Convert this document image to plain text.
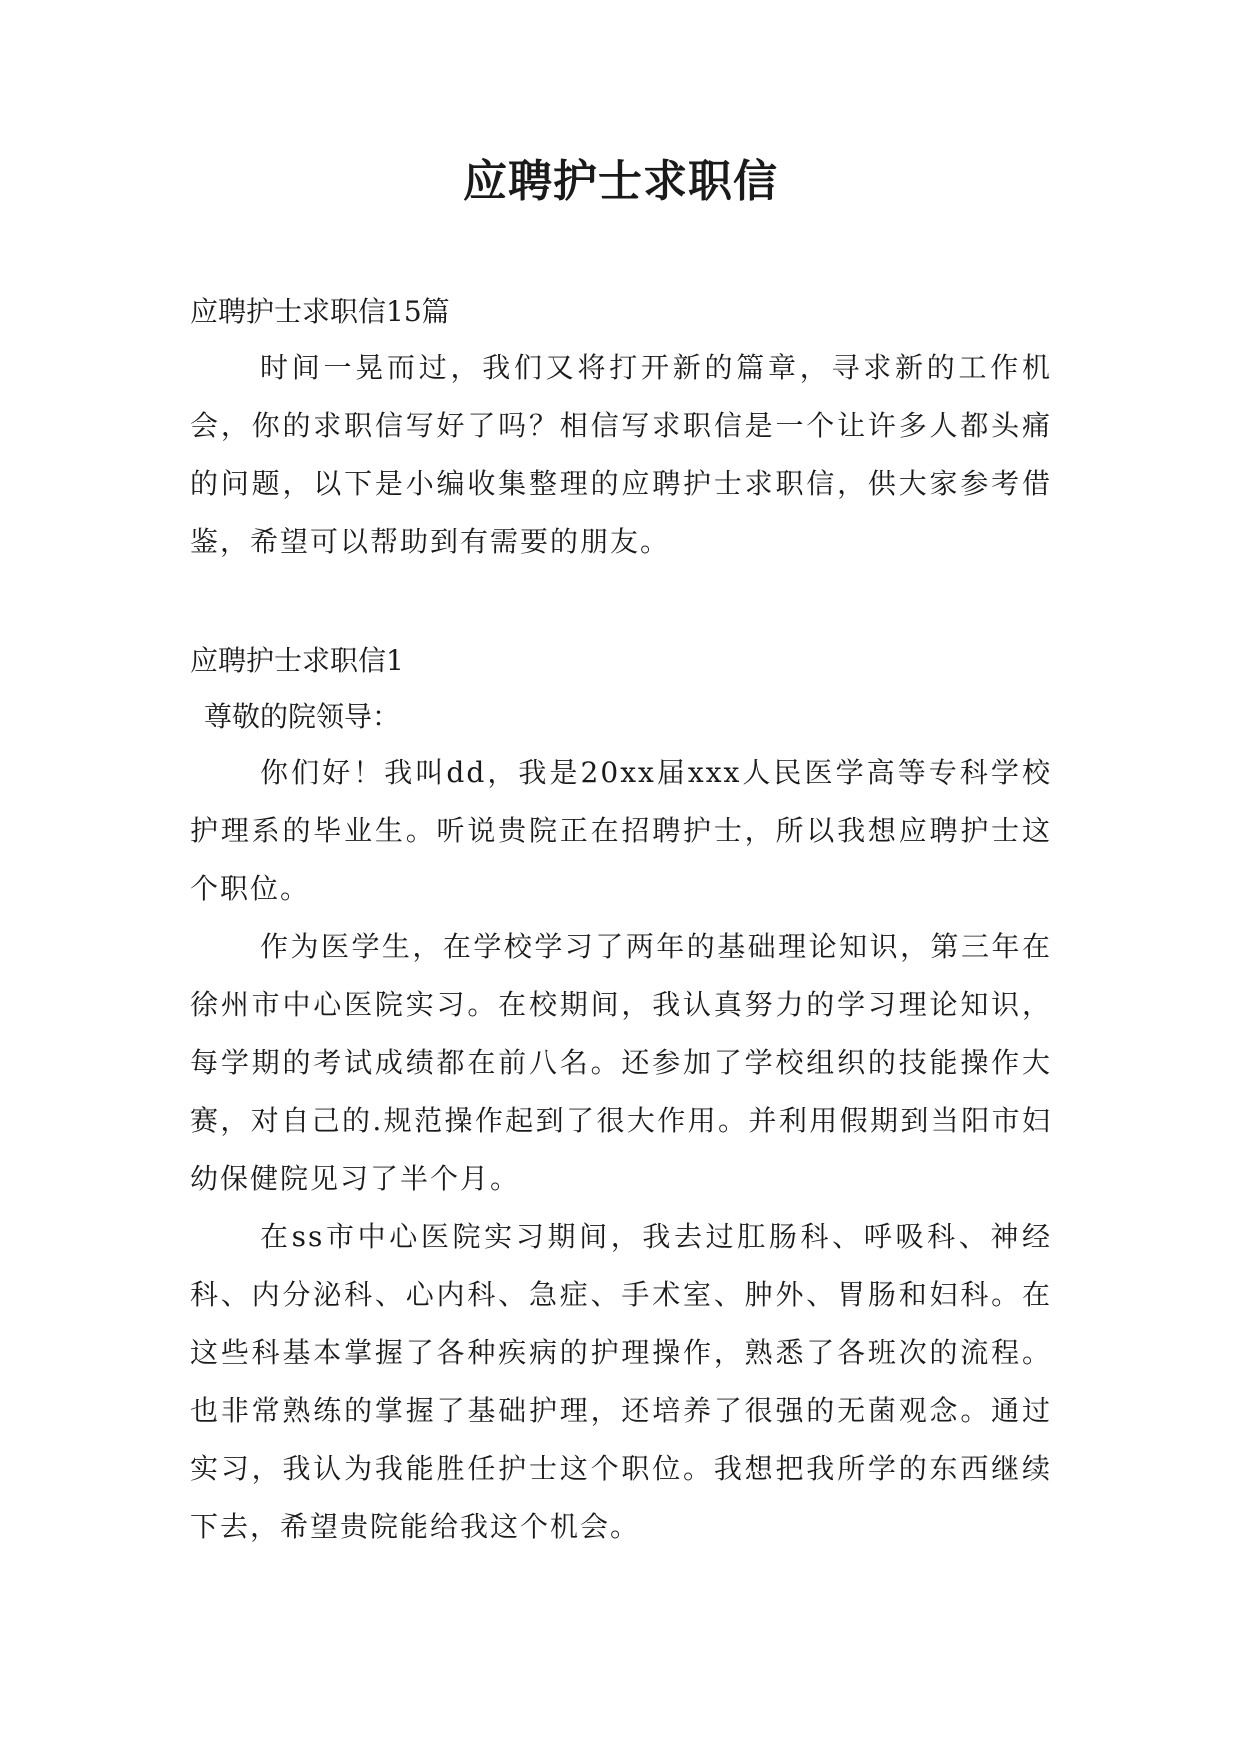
应聘护士求职信

应聘护士求职信15篇

时间一晃而过，我们又将打开新的篇章，寻求新的工作机会，你的求职信写好了吗？相信写求职信是一个让许多人都头痛的问题，以下是小编收集整理的应聘护士求职信，供大家参考借鉴，希望可以帮助到有需要的朋友。

应聘护士求职信1

尊敬的院领导：

你们好！我叫dd，我是20xx届xxx人民医学高等专科学校护理系的毕业生。听说贵院正在招聘护士，所以我想应聘护士这个职位。

作为医学生，在学校学习了两年的基础理论知识，第三年在徐州市中心医院实习。在校期间，我认真努力的学习理论知识，每学期的考试成绩都在前八名。还参加了学校组织的技能操作大赛，对自己的.规范操作起到了很大作用。并利用假期到当阳市妇幼保健院见习了半个月。

在ss市中心医院实习期间，我去过肛肠科、呼吸科、神经科、内分泌科、心内科、急症、手术室、肿外、胃肠和妇科。在这些科基本掌握了各种疾病的护理操作，熟悉了各班次的流程。也非常熟练的掌握了基础护理，还培养了很强的无菌观念。通过实习，我认为我能胜任护士这个职位。我想把我所学的东西继续下去，希望贵院能给我这个机会。
